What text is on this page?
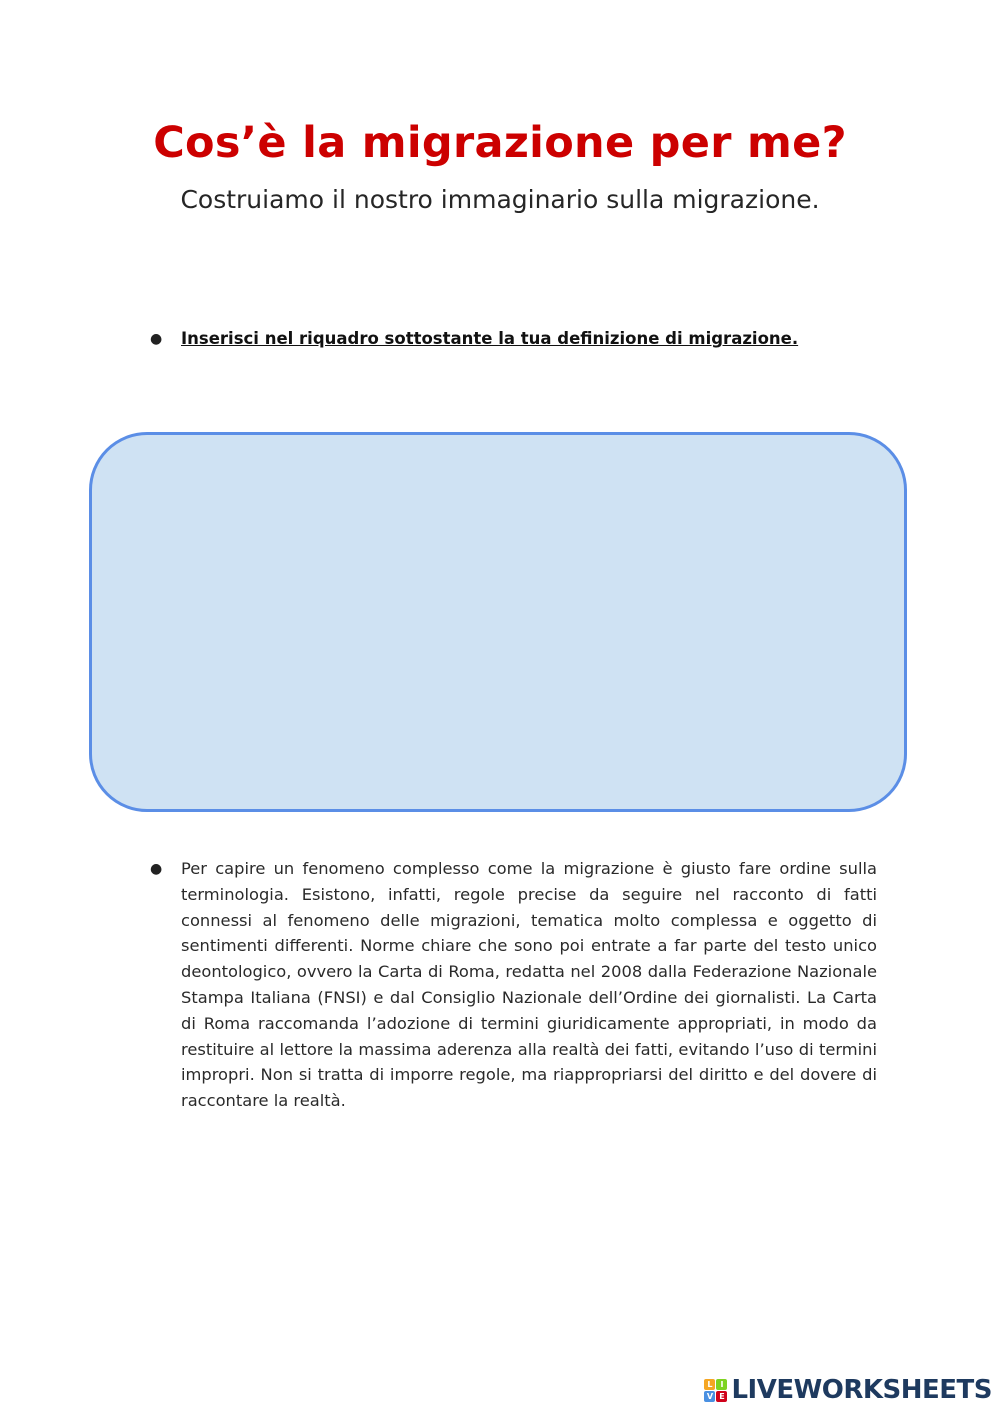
Cos’è la migrazione per me?

Costruiamo il nostro immaginario sulla migrazione.

● Inserisci nel riquadro sottostante la tua definizione di migrazione.
● Per capire un fenomeno complesso come la migrazione è giusto fare ordine sulla terminologia. Esistono, infatti, regole precise da seguire nel racconto di fatti connessi al fenomeno delle migrazioni, tematica molto complessa e oggetto di sentimenti differenti. Norme chiare che sono poi entrate a far parte del testo unico deontologico, ovvero la Carta di Roma, redatta nel 2008 dalla Federazione Nazionale Stampa Italiana (FNSI) e dal Consiglio Nazionale dell’Ordine dei giornalisti. La Carta di Roma raccomanda l’adozione di termini giuridicamente appropriati, in modo da restituire al lettore la massima aderenza alla realtà dei fatti, evitando l’uso di termini impropri. Non si tratta di imporre regole, ma riappropriarsi del diritto e del dovere di raccontare la realtà.

L I
V E LIVEWORKSHEETS
